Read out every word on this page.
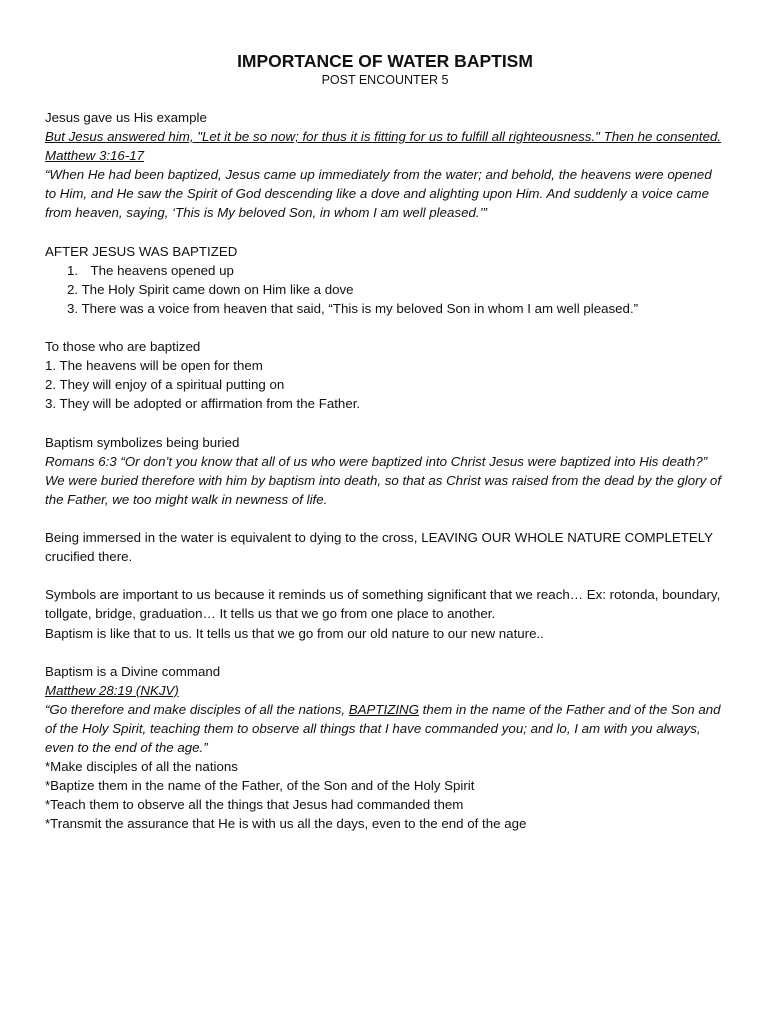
IMPORTANCE OF WATER BAPTISM

POST ENCOUNTER 5

Jesus gave us His example

But Jesus answered him, "Let it be so now; for thus it is fitting for us to fulfill all righteousness." Then he consented.

Matthew 3:16-17

“When He had been baptized, Jesus came up immediately from the water; and behold, the heavens were opened to Him, and He saw the Spirit of God descending like a dove and alighting upon Him. And suddenly a voice came from heaven, saying, ‘This is My beloved Son, in whom I am well pleased.’”

AFTER JESUS WAS BAPTIZED

1. The heavens opened up
2. The Holy Spirit came down on Him like a dove
3. There was a voice from heaven that said, “This is my beloved Son in whom I am well pleased.”

To those who are baptized

1. The heavens will be open for them

2. They will enjoy of a spiritual putting on

3. They will be adopted or affirmation from the Father.

Baptism symbolizes being buried

Romans 6:3 “Or don’t you know that all of us who were baptized into Christ Jesus were baptized into His death?”

We were buried therefore with him by baptism into death, so that as Christ was raised from the dead by the glory of the Father, we too might walk in newness of life.

Being immersed in the water is equivalent to dying to the cross, LEAVING OUR WHOLE NATURE COMPLETELY crucified there.

Symbols are important to us because it reminds us of something significant that we reach… Ex: rotonda, boundary, tollgate, bridge, graduation… It tells us that we go from one place to another.

Baptism is like that to us. It tells us that we go from our old nature to our new nature..

Baptism is a Divine command

Matthew 28:19 (NKJV)

“Go therefore and make disciples of all the nations, BAPTIZING them in the name of the Father and of the Son and of the Holy Spirit, teaching them to observe all things that I have commanded you; and lo, I am with you always, even to the end of the age.”

*Make disciples of all the nations

*Baptize them in the name of the Father, of the Son and of the Holy Spirit

*Teach them to observe all the things that Jesus had commanded them

*Transmit the assurance that He is with us all the days, even to the end of the age
